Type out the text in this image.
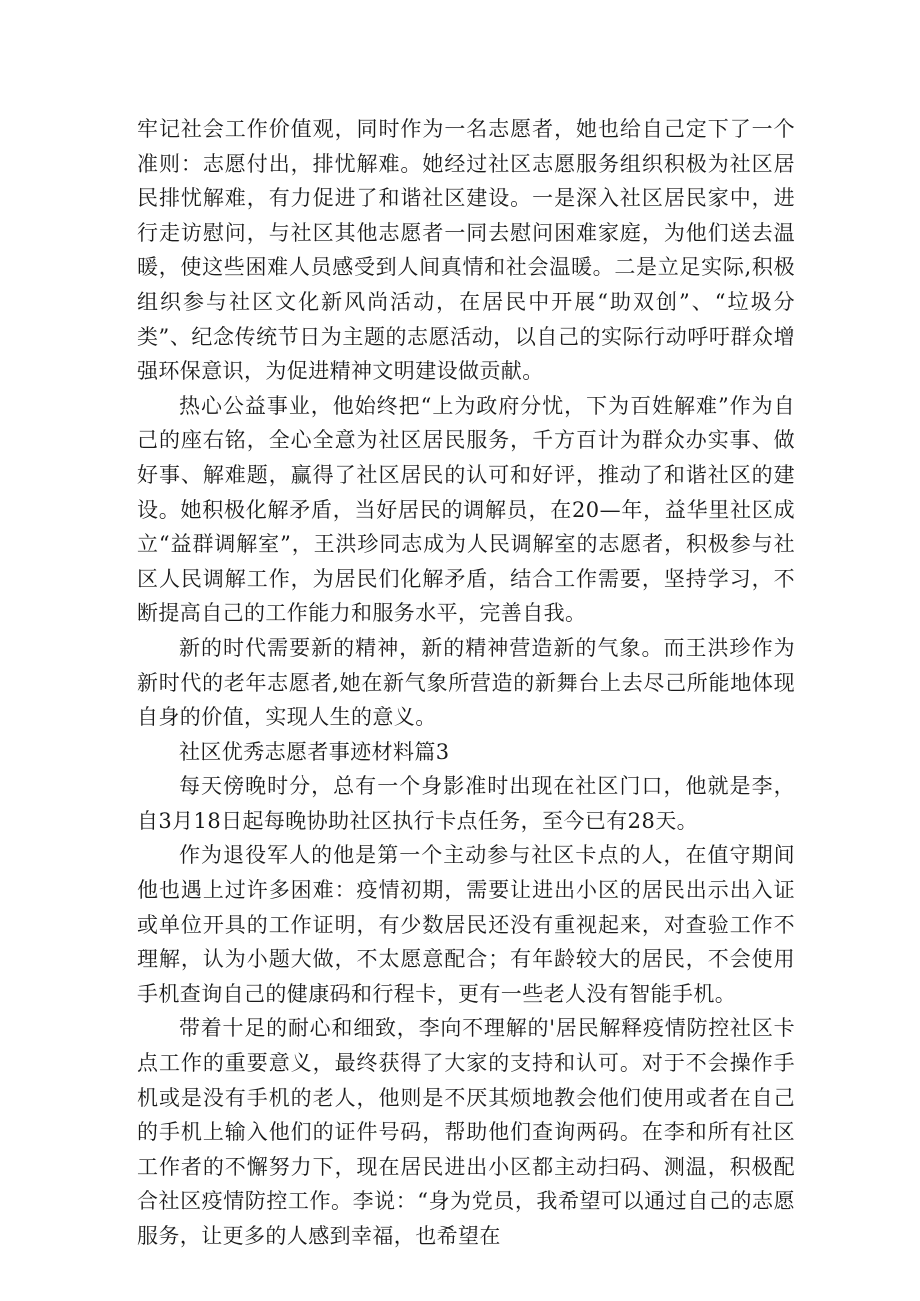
牢记社会工作价值观，同时作为一名志愿者，她也给自己定下了一个准则：志愿付出，排忧解难。她经过社区志愿服务组织积极为社区居民排忧解难，有力促进了和谐社区建设。一是深入社区居民家中，进行走访慰问，与社区其他志愿者一同去慰问困难家庭，为他们送去温暖，使这些困难人员感受到人间真情和社会温暖。二是立足实际,积极组织参与社区文化新风尚活动，在居民中开展“助双创”、“垃圾分类”、纪念传统节日为主题的志愿活动，以自己的实际行动呼吁群众增强环保意识，为促进精神文明建设做贡献。

热心公益事业，他始终把“上为政府分忧，下为百姓解难”作为自己的座右铭，全心全意为社区居民服务，千方百计为群众办实事、做好事、解难题，赢得了社区居民的认可和好评，推动了和谐社区的建设。她积极化解矛盾，当好居民的调解员，在20—年，益华里社区成立“益群调解室”，王洪珍同志成为人民调解室的志愿者，积极参与社区人民调解工作，为居民们化解矛盾，结合工作需要，坚持学习，不断提高自己的工作能力和服务水平，完善自我。

新的时代需要新的精神，新的精神营造新的气象。而王洪珍作为新时代的老年志愿者,她在新气象所营造的新舞台上去尽己所能地体现自身的价值，实现人生的意义。

社区优秀志愿者事迹材料篇3

每天傍晚时分，总有一个身影准时出现在社区门口，他就是李，自3月18日起每晚协助社区执行卡点任务，至今已有28天。

作为退役军人的他是第一个主动参与社区卡点的人，在值守期间他也遇上过许多困难：疫情初期，需要让进出小区的居民出示出入证或单位开具的工作证明，有少数居民还没有重视起来，对查验工作不理解，认为小题大做，不太愿意配合；有年龄较大的居民，不会使用手机查询自己的健康码和行程卡，更有一些老人没有智能手机。

带着十足的耐心和细致，李向不理解的'居民解释疫情防控社区卡点工作的重要意义，最终获得了大家的支持和认可。对于不会操作手机或是没有手机的老人，他则是不厌其烦地教会他们使用或者在自己的手机上输入他们的证件号码，帮助他们查询两码。在李和所有社区工作者的不懈努力下，现在居民进出小区都主动扫码、测温，积极配合社区疫情防控工作。李说：“身为党员，我希望可以通过自己的志愿服务，让更多的人感到幸福，也希望在
